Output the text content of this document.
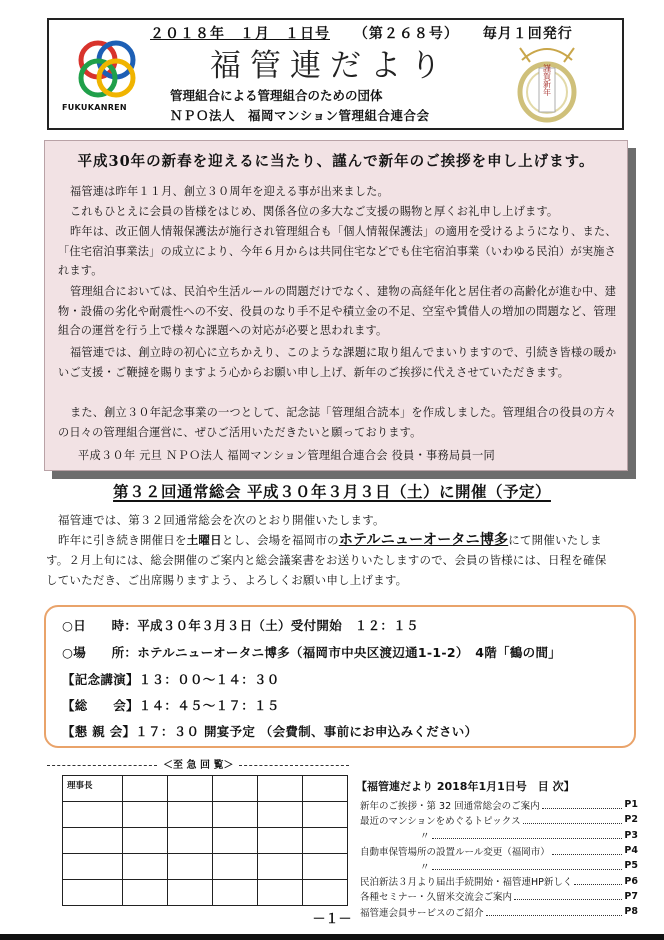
２０１８年　１月　１日号 （第２６８号） 毎月１回発行
福管連だより
管理組合による管理組合のための団体
ＮＰＯ法人　福岡マンション管理組合連合会
FUKUKANREN
謹賀新年
平成30年の新春を迎えるに当たり、謹んで新年のご挨拶を申し上げます。
福管連は昨年１１月、創立３０周年を迎える事が出来ました。
これもひとえに会員の皆様をはじめ、関係各位の多大なご支援の賜物と厚くお礼申し上げます。
昨年は、改正個人情報保護法が施行され管理組合も「個人情報保護法」の適用を受けるようになり、また、「住宅宿泊事業法」の成立により、今年６月からは共同住宅などでも住宅宿泊事業（いわゆる民泊）が実施されます。
管理組合においては、民泊や生活ルールの問題だけでなく、建物の高経年化と居住者の高齢化が進む中、建物・設備の劣化や耐震性への不安、役員のなり手不足や積立金の不足、空室や賃借人の増加の問題など、管理組合の運営を行う上で様々な課題への対応が必要と思われます。
福管連では、創立時の初心に立ちかえり、このような課題に取り組んでまいりますので、引続き皆様の暖かいご支援・ご鞭撻を賜りますよう心からお願い申し上げ、新年のご挨拶に代えさせていただきます。
また、創立３０年記念事業の一つとして、記念誌「管理組合読本」を作成しました。管理組合の役員の方々の日々の管理組合運営に、ぜひご活用いただきたいと願っております。
平成３０年 元旦 ＮＰＯ法人 福岡マンション管理組合連合会 役員・事務局員一同
第３２回通常総会 平成３０年３月３日（土）に開催（予定）
福管連では、第３２回通常総会を次のとおり開催いたします。
昨年に引き続き開催日を土曜日とし、会場を福岡市のホテルニューオータニ博多にて開催いたします。２月上旬には、総会開催のご案内と総会議案書をお送りいたしますので、会員の皆様には、日程を確保していただき、ご出席賜りますよう、よろしくお願い申し上げます。
○日　　時：平成３０年３月３日（土）受付開始　１２：１５
○場　　所：ホテルニューオータニ博多（福岡市中央区渡辺通1-1-2）　4階「鶴の間」
【記念講演】１３：００～１４：３０
【総　　会】１４：４５～１７：１５
【懇 親 会】１７：３０ 開宴予定 （会費制、事前にお申込みください）
＜至 急 回 覧＞
理事長					

						【福管連だより 2018年1月1日号　目 次】
新年のご挨拶・第 32 回通常総会のご案内	P1
最近のマンションをめぐるトピックス	P2
〃	P3
自動車保管場所の設置ルール変更（福岡市）	P4
〃	P5
民泊新法３月より届出手続開始・福管連HP新しく	P6
各種セミナー・久留米交流会ご案内	P7
福管連会員サービスのご紹介	P8
－１－
